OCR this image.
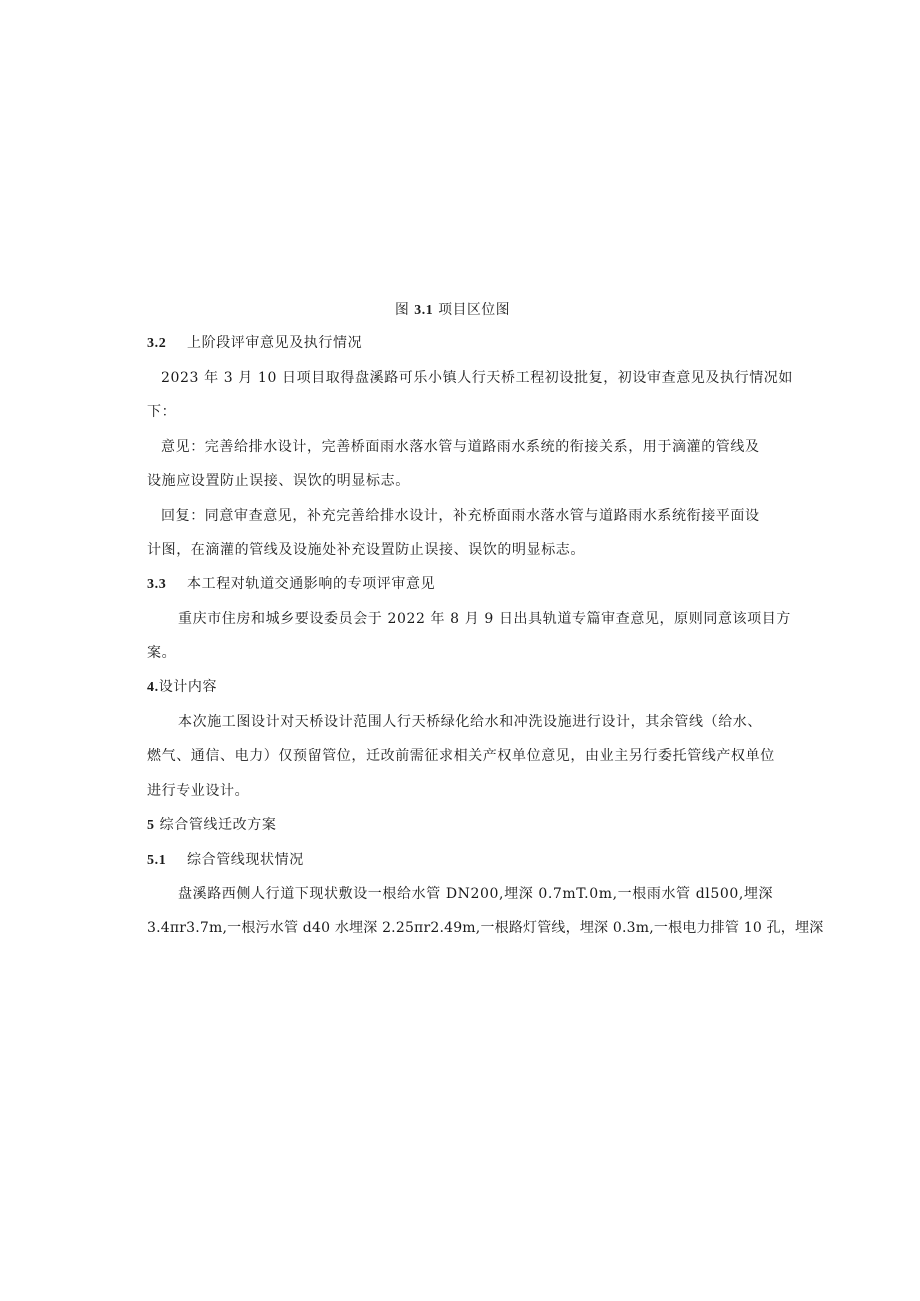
图 3.1 项目区位图
3.2 上阶段评审意见及执行情况
2023 年 3 月 10 日项目取得盘溪路可乐小镇人行天桥工程初设批复，初设审查意见及执行情况如
下：
意见：完善给排水设计，完善桥面雨水落水管与道路雨水系统的衔接关系，用于滴灌的管线及
设施应设置防止误接、误饮的明显标志。
回复：同意审查意见，补充完善给排水设计，补充桥面雨水落水管与道路雨水系统衔接平面设
计图，在滴灌的管线及设施处补充设置防止误接、误饮的明显标志。
3.3 本工程对轨道交通影响的专项评审意见
重庆市住房和城乡要设委员会于 2022 年 8 月 9 日出具轨道专篇审查意见，原则同意该项目方
案。
4.设计内容
本次施工图设计对天桥设计范围人行天桥绿化给水和冲洗设施进行设计，其余管线（给水、
燃气、通信、电力）仅预留管位，迁改前需征求相关产权单位意见，由业主另行委托管线产权单位
进行专业设计。
5 综合管线迁改方案
5.1 综合管线现状情况
盘溪路西侧人行道下现状敷设一根给水管 DN200,埋深 0.7mT.0m,一根雨水管 dl500,埋深
3.4πr3.7m,一根污水管 d40 水埋深 2.25πr2.49m,一根路灯管线，埋深 0.3m,一根电力排管 10 孔，埋深
